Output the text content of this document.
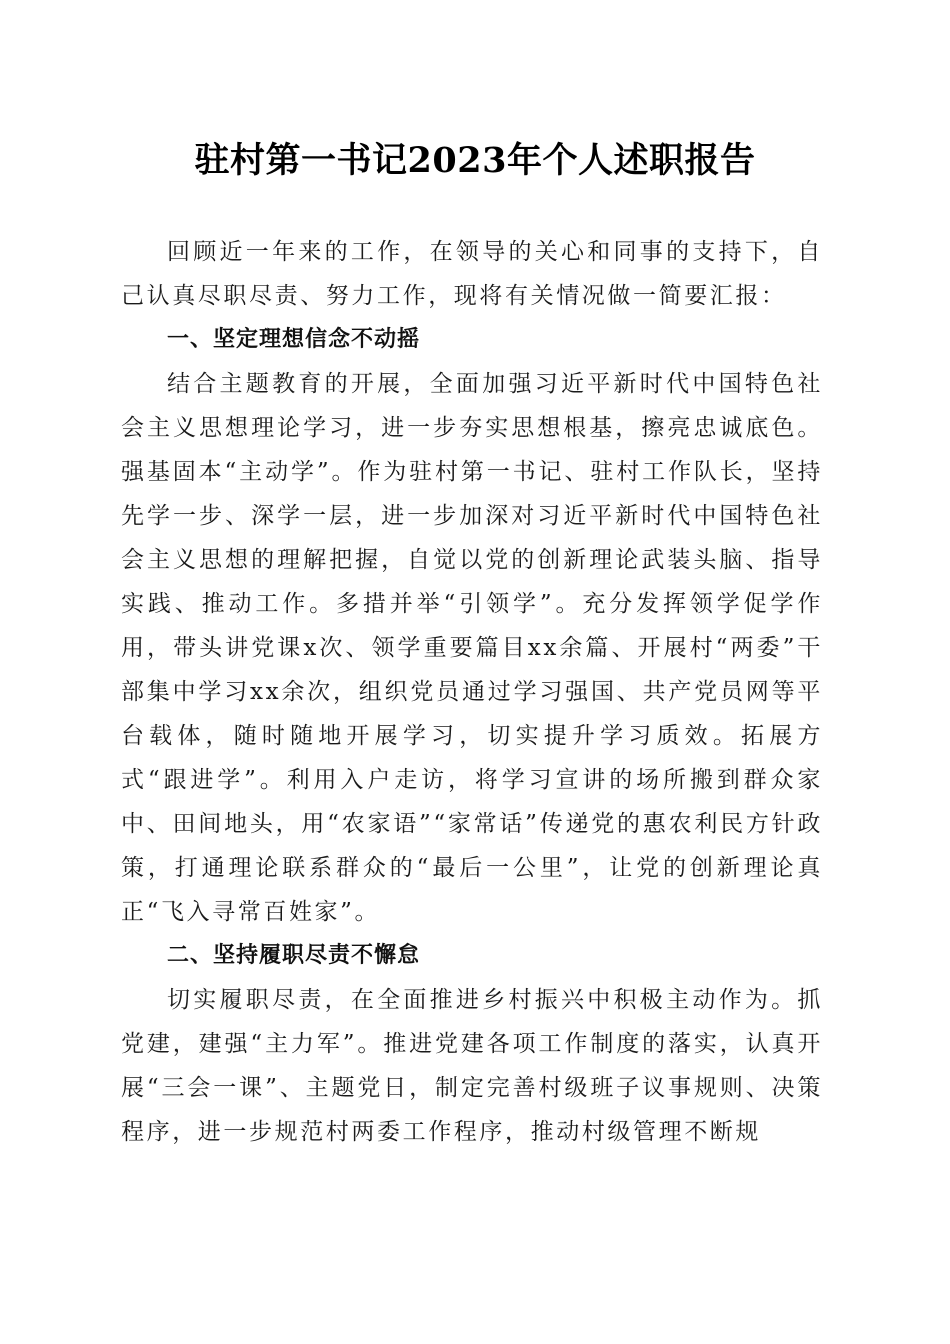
驻村第一书记2023年个人述职报告

回顾近一年来的工作，在领导的关心和同事的支持下，自己认真尽职尽责、努力工作，现将有关情况做一简要汇报：

一、坚定理想信念不动摇

结合主题教育的开展，全面加强习近平新时代中国特色社会主义思想理论学习，进一步夯实思想根基，擦亮忠诚底色。强基固本“主动学”。作为驻村第一书记、驻村工作队长，坚持先学一步、深学一层，进一步加深对习近平新时代中国特色社会主义思想的理解把握，自觉以党的创新理论武装头脑、指导实践、推动工作。多措并举“引领学”。充分发挥领学促学作用，带头讲党课x次、领学重要篇目xx余篇、开展村“两委”干部集中学习xx余次，组织党员通过学习强国、共产党员网等平台载体，随时随地开展学习，切实提升学习质效。拓展方式“跟进学”。利用入户走访，将学习宣讲的场所搬到群众家中、田间地头，用“农家语”“家常话”传递党的惠农利民方针政策，打通理论联系群众的“最后一公里”，让党的创新理论真正“飞入寻常百姓家”。

二、坚持履职尽责不懈怠

切实履职尽责，在全面推进乡村振兴中积极主动作为。抓党建，建强“主力军”。推进党建各项工作制度的落实，认真开展“三会一课”、主题党日，制定完善村级班子议事规则、决策程序，进一步规范村两委工作程序，推动村级管理不断规
